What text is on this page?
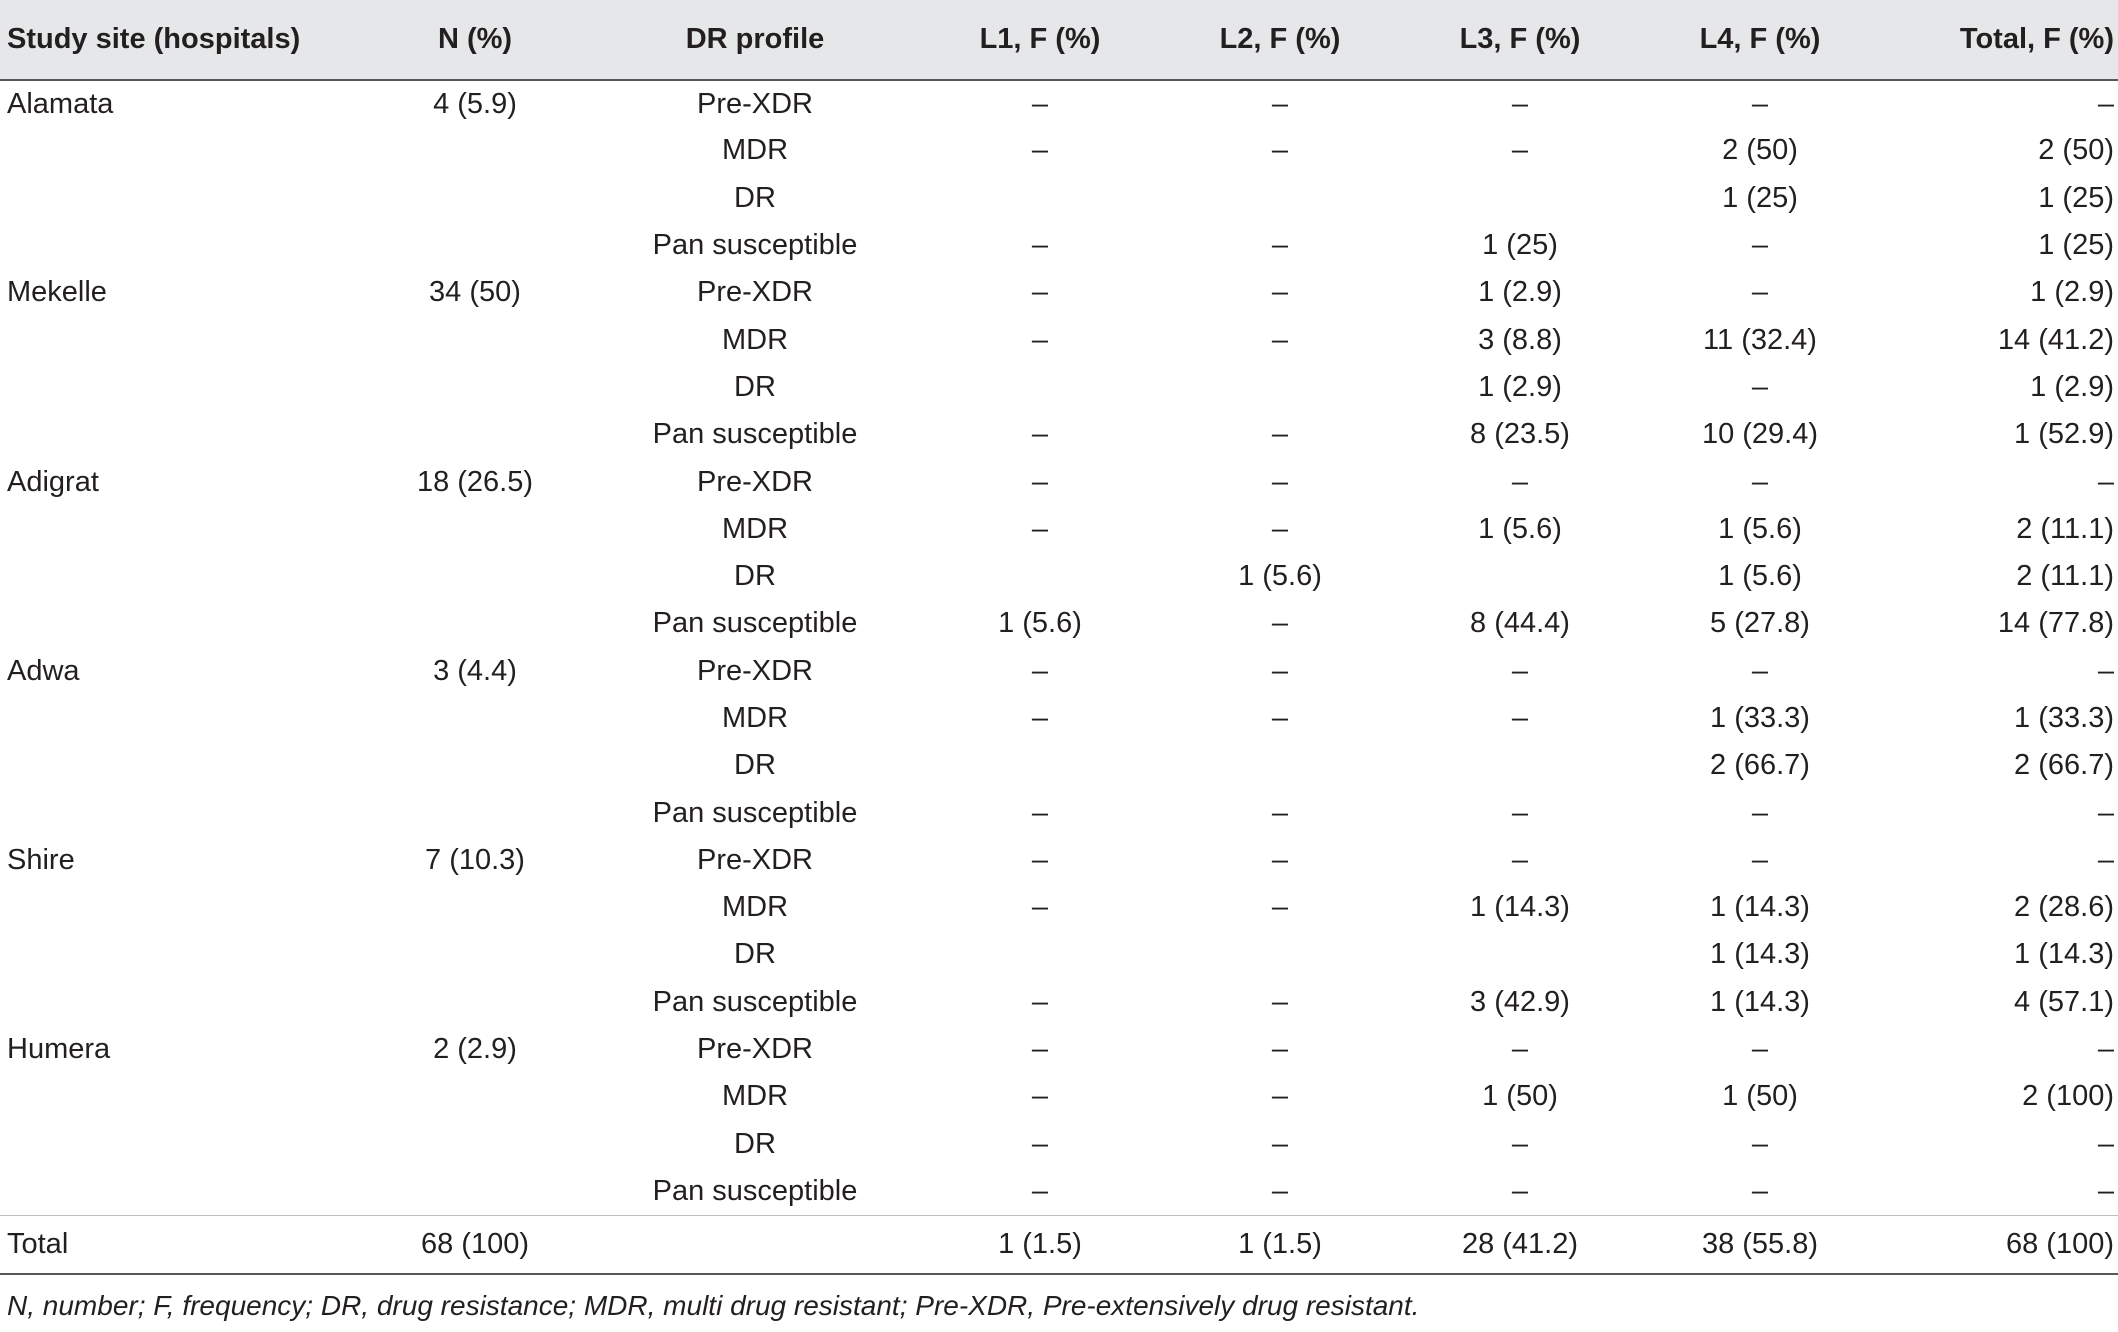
Study site (hospitals)	N (%)	DR profile	L1, F (%)	L2, F (%)	L3, F (%)	L4, F (%)	Total, F (%)
Alamata	4 (5.9)	Pre-XDR	–	–	–	–	–
		MDR	–	–	–	2 (50)	2 (50)
		DR				1 (25)	1 (25)
		Pan susceptible	–	–	1 (25)	–	1 (25)
Mekelle	34 (50)	Pre-XDR	–	–	1 (2.9)	–	1 (2.9)
		MDR	–	–	3 (8.8)	11 (32.4)	14 (41.2)
		DR			1 (2.9)	–	1 (2.9)
		Pan susceptible	–	–	8 (23.5)	10 (29.4)	1 (52.9)
Adigrat	18 (26.5)	Pre-XDR	–	–	–	–	–
		MDR	–	–	1 (5.6)	1 (5.6)	2 (11.1)
		DR		1 (5.6)		1 (5.6)	2 (11.1)
		Pan susceptible	1 (5.6)	–	8 (44.4)	5 (27.8)	14 (77.8)
Adwa	3 (4.4)	Pre-XDR	–	–	–	–	–
		MDR	–	–	–	1 (33.3)	1 (33.3)
		DR				2 (66.7)	2 (66.7)
		Pan susceptible	–	–	–	–	–
Shire	7 (10.3)	Pre-XDR	–	–	–	–	–
		MDR	–	–	1 (14.3)	1 (14.3)	2 (28.6)
		DR				1 (14.3)	1 (14.3)
		Pan susceptible	–	–	3 (42.9)	1 (14.3)	4 (57.1)
Humera	2 (2.9)	Pre-XDR	–	–	–	–	–
		MDR	–	–	1 (50)	1 (50)	2 (100)
		DR	–	–	–	–	–
		Pan susceptible	–	–	–	–	–
Total	68 (100)		1 (1.5)	1 (1.5)	28 (41.2)	38 (55.8)	68 (100)
N, number; F, frequency; DR, drug resistance; MDR, multi drug resistant; Pre-XDR, Pre-extensively drug resistant.
